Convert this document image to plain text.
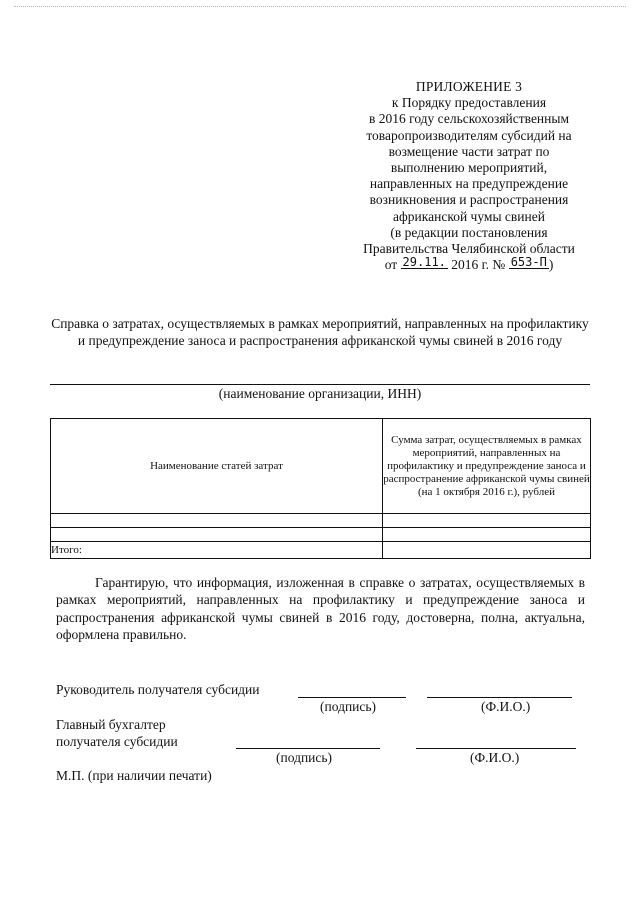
ПРИЛОЖЕНИЕ 3
к Порядку предоставления
в 2016 году сельскохозяйственным
товаропроизводителям субсидий на
возмещение части затрат по
выполнению мероприятий,
направленных на предупреждение
возникновения и распространения
африканской чумы свиней
(в редакции постановления
Правительства Челябинской области
от 29.11. 2016 г. № 653-П )
Справка о затратах, осуществляемых в рамках мероприятий, направленных на профилактику и предупреждение заноса и распространения африканской чумы свиней в 2016 году
(наименование организации, ИНН)
Наименование статей затрат	Сумма затрат, осуществляемых в рамках мероприятий, направленных на профилактику и предупреждение заноса и распространение африканской чумы свиней (на 1 октября 2016 г.), рублей

Итого:	

Гарантирую, что информация, изложенная в справке о затратах, осуществляемых в рамках мероприятий, направленных на профилактику и предупреждение заноса и распространения африканской чумы свиней в 2016 году, достоверна, полна, актуальна, оформлена правильно.

Руководитель получателя субсидии
(подпись)	(Ф.И.О.)
Главный бухгалтер
получателя субсидии
(подпись)	(Ф.И.О.)
М.П. (при наличии печати)
